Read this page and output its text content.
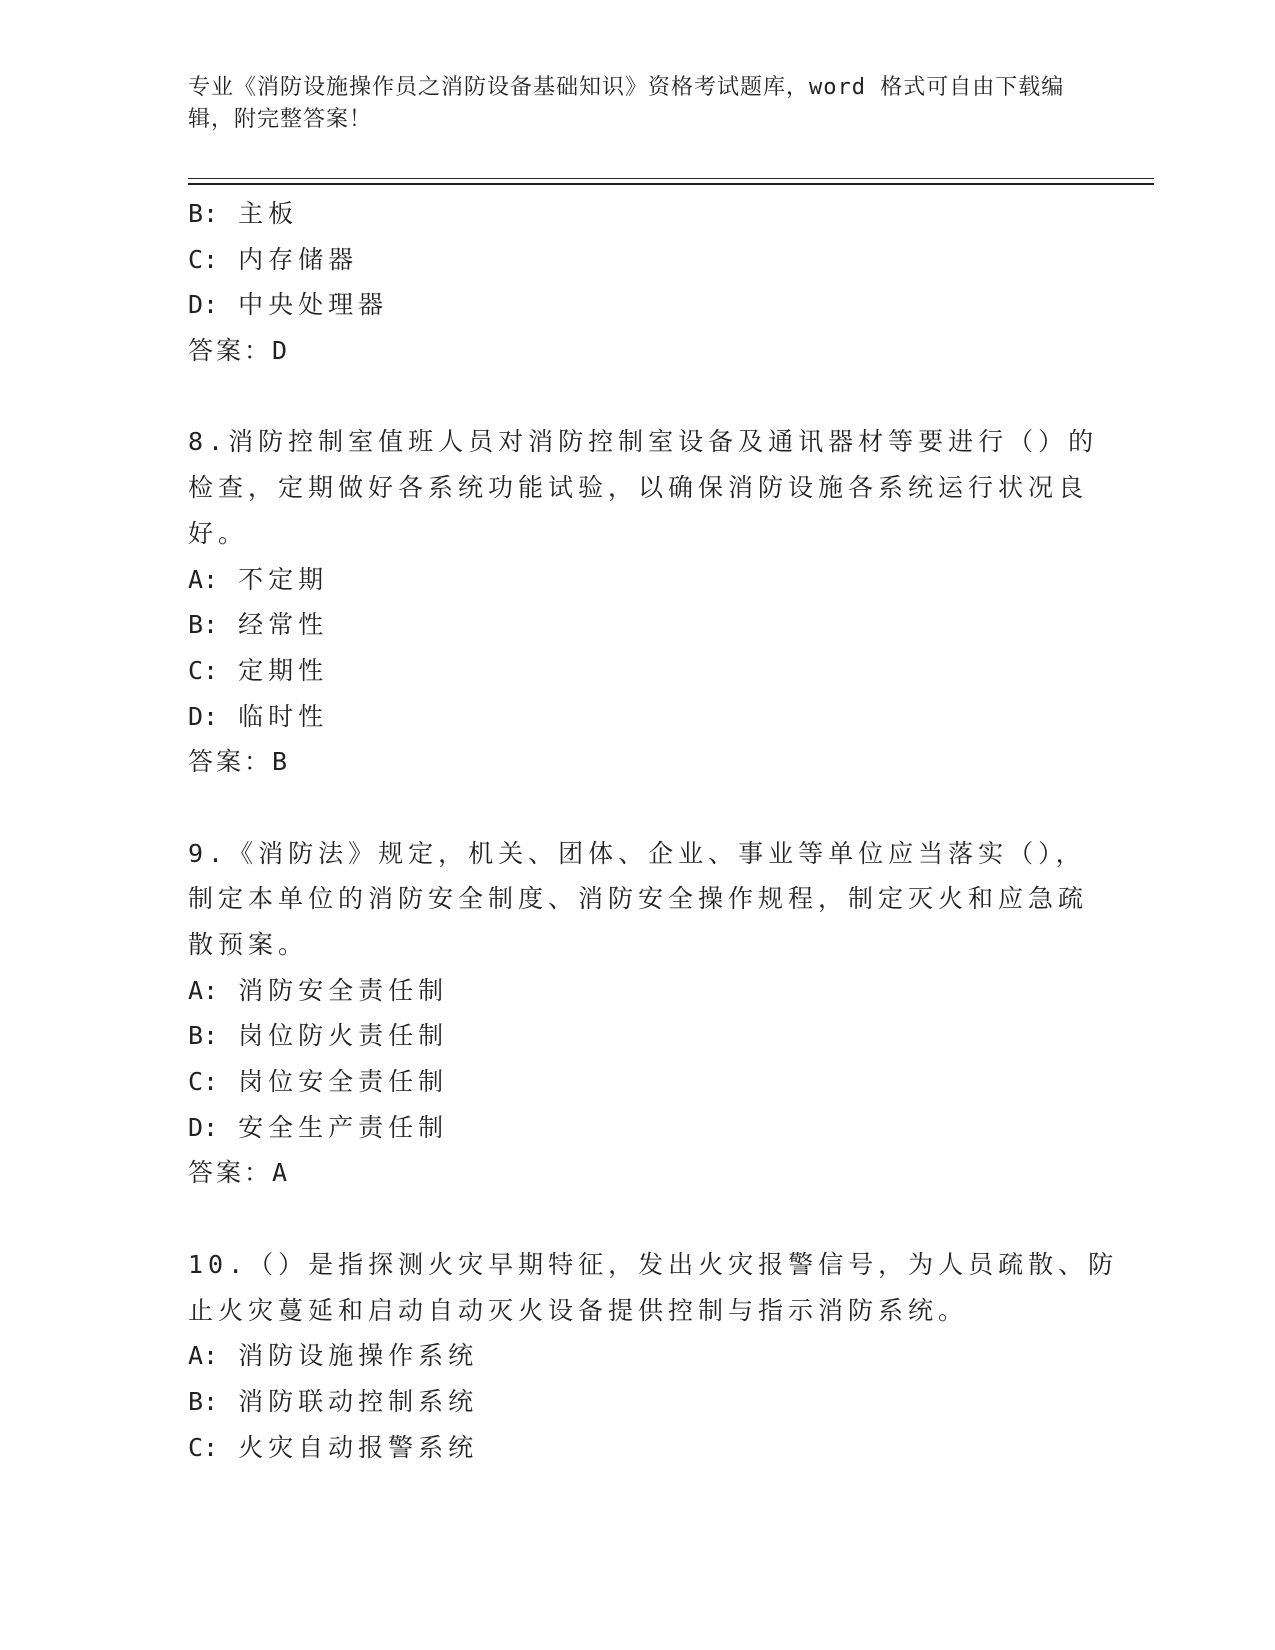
专业《消防设施操作员之消防设备基础知识》资格考试题库，word 格式可自由下载编辑，附完整答案！
B: 主板
C: 内存储器
D: 中央处理器
答案：D
8.消防控制室值班人员对消防控制室设备及通讯器材等要进行（）的
检查，定期做好各系统功能试验，以确保消防设施各系统运行状况良
好。
A: 不定期
B: 经常性
C: 定期性
D: 临时性
答案：B
9.《消防法》规定，机关、团体、企业、事业等单位应当落实（），
制定本单位的消防安全制度、消防安全操作规程，制定灭火和应急疏
散预案。
A: 消防安全责任制
B: 岗位防火责任制
C: 岗位安全责任制
D: 安全生产责任制
答案：A
10.（）是指探测火灾早期特征，发出火灾报警信号，为人员疏散、防
止火灾蔓延和启动自动灭火设备提供控制与指示消防系统。
A: 消防设施操作系统
B: 消防联动控制系统
C: 火灾自动报警系统
